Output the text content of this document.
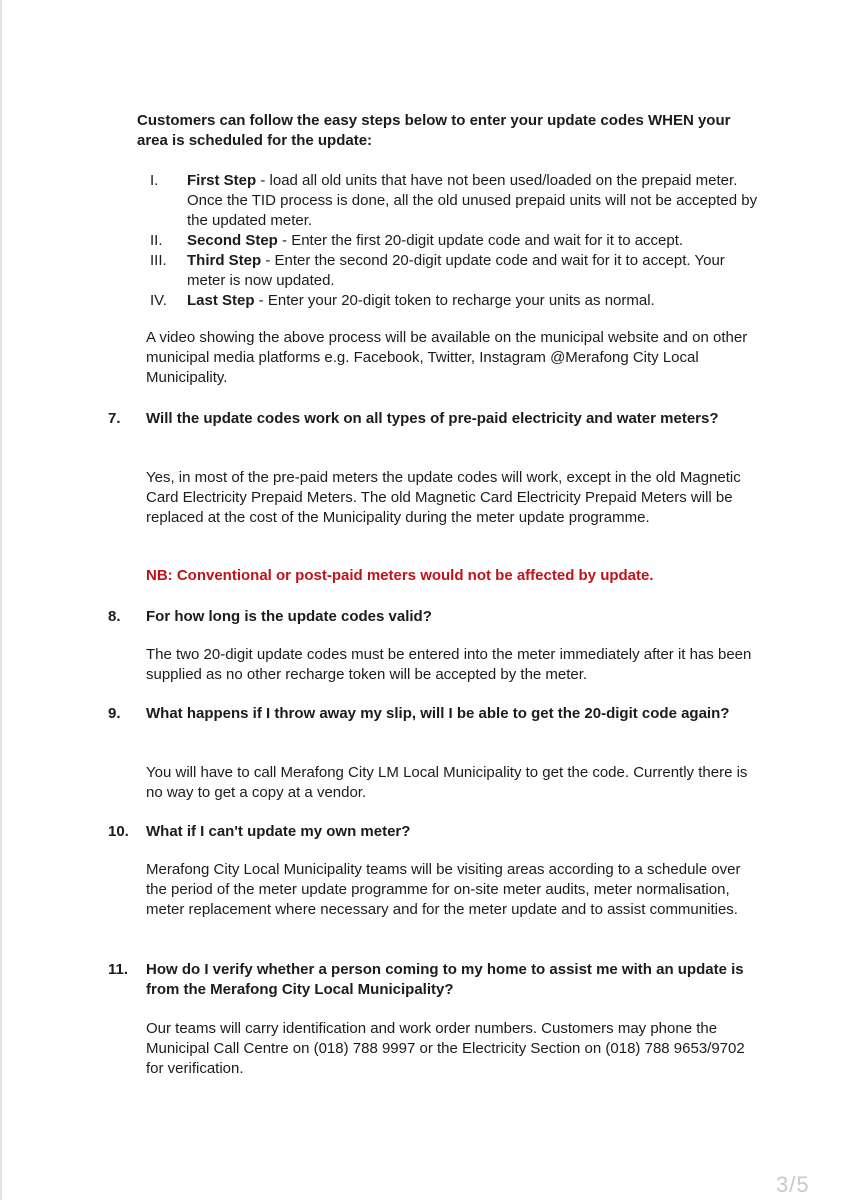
Customers can follow the easy steps below to enter your update codes WHEN your area is scheduled for the update:
I.	First Step - load all old units that have not been used/loaded on the prepaid meter. Once the TID process is done, all the old unused prepaid units will not be accepted by the updated meter.
II.	Second Step - Enter the first 20-digit update code and wait for it to accept.
III.	Third Step - Enter the second 20-digit update code and wait for it to accept. Your meter is now updated.
IV.	Last Step - Enter your 20-digit token to recharge your units as normal.
A video showing the above process will be available on the municipal website and on other municipal media platforms e.g. Facebook, Twitter, Instagram @Merafong City Local Municipality.
7. Will the update codes work on all types of pre-paid electricity and water meters?
Yes, in most of the pre-paid meters the update codes will work, except in the old Magnetic Card Electricity Prepaid Meters. The old Magnetic Card Electricity Prepaid Meters will be replaced at the cost of the Municipality during the meter update programme.
NB: Conventional or post-paid meters would not be affected by update.
8. For how long is the update codes valid?
The two 20-digit update codes must be entered into the meter immediately after it has been supplied as no other recharge token will be accepted by the meter.
9. What happens if I throw away my slip, will I be able to get the 20-digit code again?
You will have to call Merafong City LM Local Municipality to get the code. Currently there is no way to get a copy at a vendor.
10. What if I can't update my own meter?
Merafong City Local Municipality teams will be visiting areas according to a schedule over the period of the meter update programme for on-site meter audits, meter normalisation, meter replacement where necessary and for the meter update and to assist communities.
11. How do I verify whether a person coming to my home to assist me with an update is from the Merafong City Local Municipality?
Our teams will carry identification and work order numbers. Customers may phone the Municipal Call Centre on (018) 788 9997 or the Electricity Section on (018) 788 9653/9702 for verification.
3/5
